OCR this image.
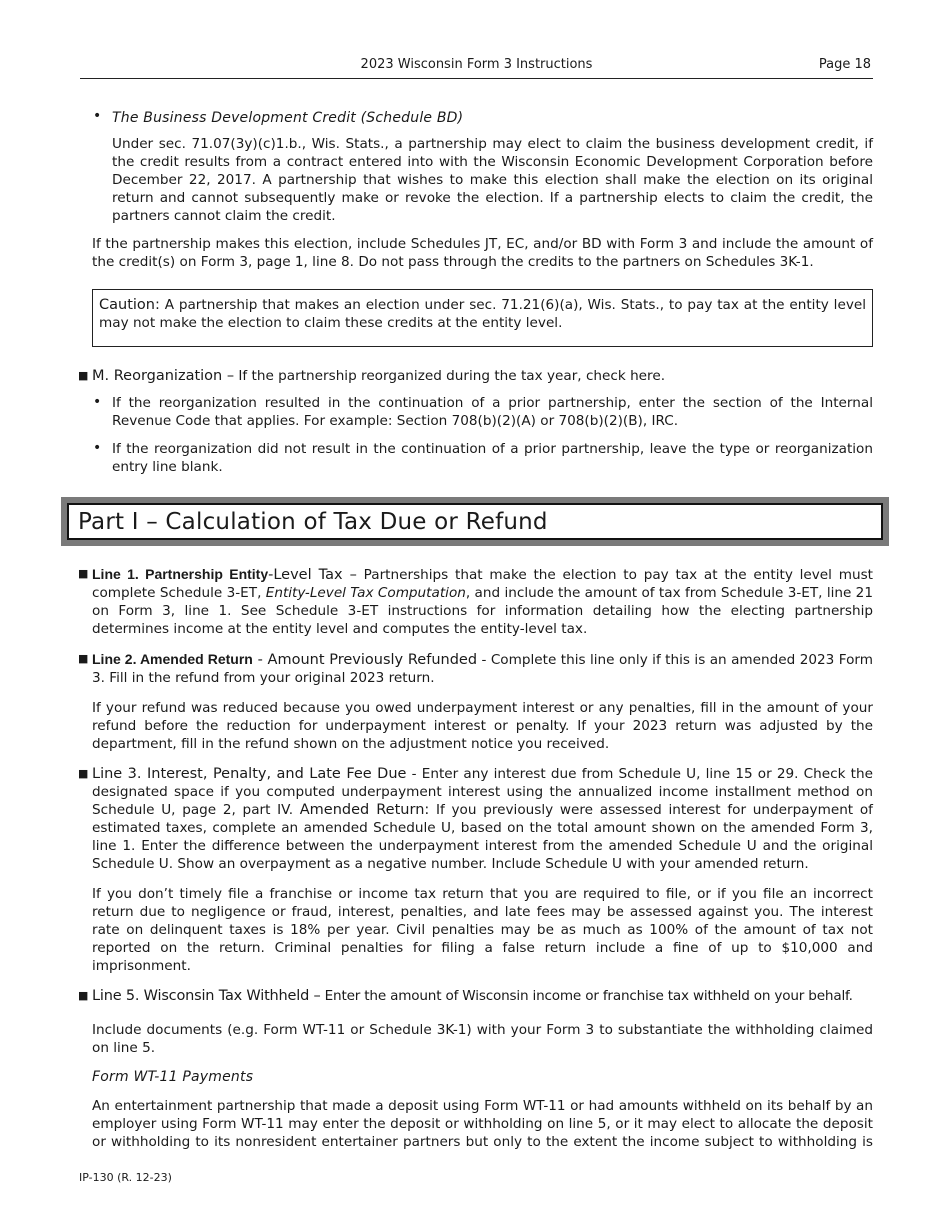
2023 Wisconsin Form 3 Instructions	Page 18
• The Business Development Credit (Schedule BD)

Under sec. 71.07(3y)(c)1.b., Wis. Stats., a partnership may elect to claim the business development credit, if the credit results from a contract entered into with the Wisconsin Economic Development Corporation before December 22, 2017. A partnership that wishes to make this election shall make the election on its original return and cannot subsequently make or revoke the election. If a partnership elects to claim the credit, the partners cannot claim the credit.

If the partnership makes this election, include Schedules JT, EC, and/or BD with Form 3 and include the amount of the credit(s) on Form 3, page 1, line 8. Do not pass through the credits to the partners on Schedules 3K-1.

Caution: A partnership that makes an election under sec. 71.21(6)(a), Wis. Stats., to pay tax at the entity level may not make the election to claim these credits at the entity level.
■ M. Reorganization – If the partnership reorganized during the tax year, check here.

• If the reorganization resulted in the continuation of a prior partnership, enter the section of the Internal Revenue Code that applies. For example: Section 708(b)(2)(A) or 708(b)(2)(B), IRC.

• If the reorganization did not result in the continuation of a prior partnership, leave the type or reorganization entry line blank.

Part I – Calculation of Tax Due or Refund
■ Line 1. Partnership Entity-Level Tax – Partnerships that make the election to pay tax at the entity level must complete Schedule 3-ET, Entity-Level Tax Computation, and include the amount of tax from Schedule 3-ET, line 21 on Form 3, line 1. See Schedule 3-ET instructions for information detailing how the electing partnership determines income at the entity level and computes the entity-level tax.

■ Line 2. Amended Return - Amount Previously Refunded - Complete this line only if this is an amended 2023 Form 3. Fill in the refund from your original 2023 return.

If your refund was reduced because you owed underpayment interest or any penalties, fill in the amount of your refund before the reduction for underpayment interest or penalty. If your 2023 return was adjusted by the department, fill in the refund shown on the adjustment notice you received.

■ Line 3. Interest, Penalty, and Late Fee Due - Enter any interest due from Schedule U, line 15 or 29. Check the designated space if you computed underpayment interest using the annualized income installment method on Schedule U, page 2, part IV. Amended Return: If you previously were assessed interest for underpayment of estimated taxes, complete an amended Schedule U, based on the total amount shown on the amended Form 3, line 1. Enter the difference between the underpayment interest from the amended Schedule U and the original Schedule U. Show an overpayment as a negative number. Include Schedule U with your amended return.

If you don’t timely file a franchise or income tax return that you are required to file, or if you file an incorrect return due to negligence or fraud, interest, penalties, and late fees may be assessed against you. The interest rate on delinquent taxes is 18% per year. Civil penalties may be as much as 100% of the amount of tax not reported on the return. Criminal penalties for filing a false return include a fine of up to $10,000 and imprisonment.

■ Line 5. Wisconsin Tax Withheld – Enter the amount of Wisconsin income or franchise tax withheld on your behalf.

Include documents (e.g. Form WT-11 or Schedule 3K-1) with your Form 3 to substantiate the withholding claimed on line 5.

Form WT-11 Payments

An entertainment partnership that made a deposit using Form WT-11 or had amounts withheld on its behalf by an employer using Form WT-11 may enter the deposit or withholding on line 5, or it may elect to allocate the deposit or withholding to its nonresident entertainer partners but only to the extent the income subject to withholding is

IP-130 (R. 12-23)
